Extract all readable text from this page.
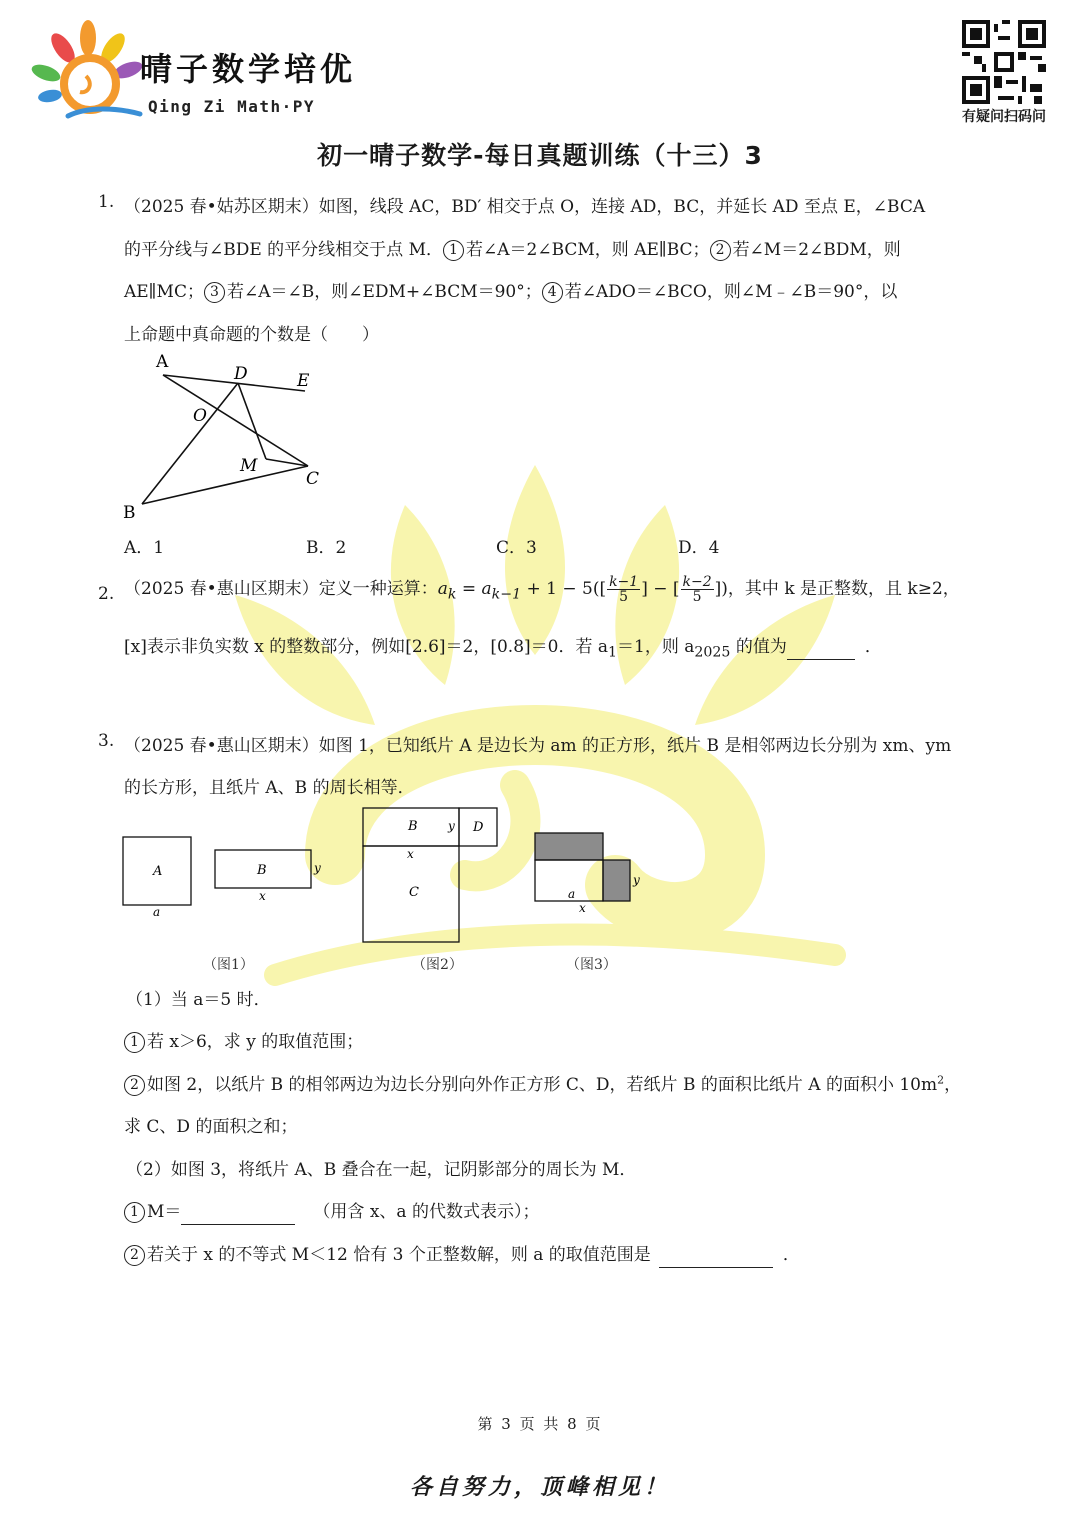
晴子数学培优
Qing Zi Math·PY
有疑问扫码问
初一晴子数学-每日真题训练（十三）3
1. （2025 春•姑苏区期末）如图，线段 AC，BD′ 相交于点 O，连接 AD，BC，并延长 AD 至点 E，∠BCA
的平分线与∠BDE 的平分线相交于点 M． 1 若∠A＝2∠BCM，则 AE∥BC； 2 若∠M＝2∠BDM，则
AE∥MC； 3 若∠A＝∠B，则∠EDM+∠BCM＝90°； 4 若∠ADO＝∠BCO，则∠M﹣∠B＝90°，以
上命题中真命题的个数是（　　）
A
D	E
O
M
C
B
A．1	B．2	C．3	D．4
2. （2025 春•惠山区期末）定义一种运算：$a_k = a_{k-1} + 1 - 5([ \frac{k-1}{5}$ ] − [ $\frac{k-2}{5}$ ])，其中 k 是正整数，且 k≥2，
[x]表示非负实数 x 的整数部分，例如[2.6]＝2，[0.8]＝0．若 $a_1=1$，则 $a_{2025}$ 的值为	．
3. （2025 春•惠山区期末）如图 1，已知纸片 A 是边长为 am 的正方形，纸片 B 是相邻两边长分别为 xm、ym
的长方形，且纸片 A、B 的周长相等．
A
a
B	y
x
B	y D
x
C	a
x
y
（图1）	（图2）	（图3）
（1）当 a＝5 时．
1 若 x＞6，求 y 的取值范围；
2 如图 2，以纸片 B 的相邻两边为边长分别向外作正方形 C、D，若纸片 B 的面积比纸片 A 的面积小 $10m^2$，
求 C、D 的面积之和；
（2）如图 3，将纸片 A、B 叠合在一起，记阴影部分的周长为 M．
1 M＝	（用含 x、a 的代数式表示）；
2 若关于 x 的不等式 M＜12 恰有 3 个正整数解，则 a 的取值范围是	．
第 3 页 共 8 页
各自努力，顶峰相见！
